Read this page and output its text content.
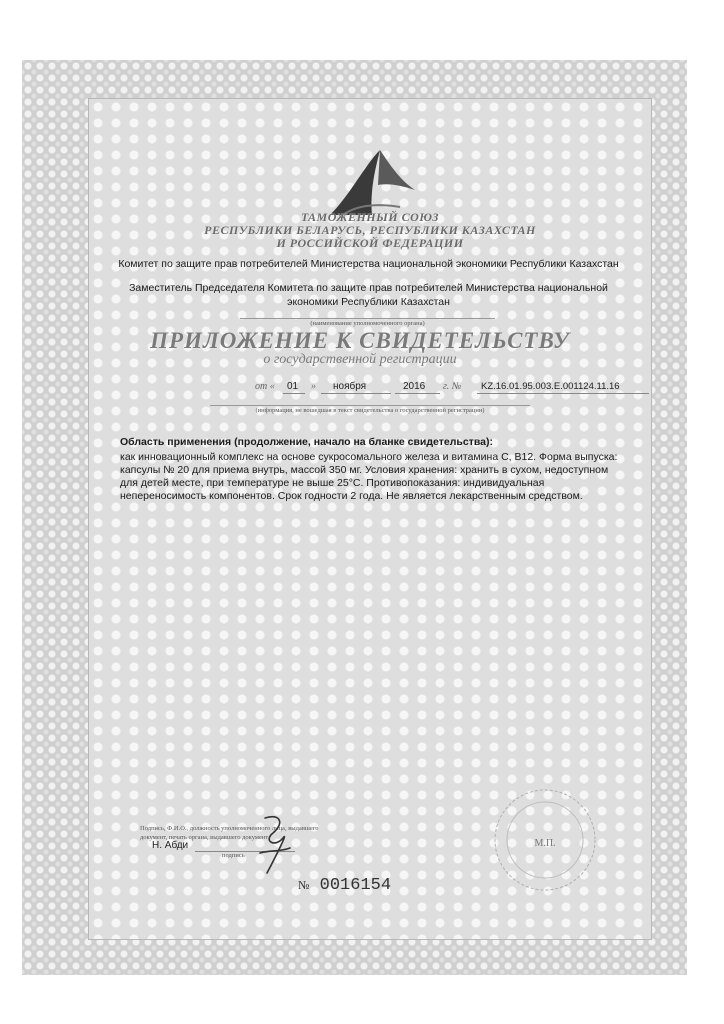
ТАМОЖЕННЫЙ СОЮЗ
РЕСПУБЛИКИ БЕЛАРУСЬ, РЕСПУБЛИКИ КАЗАХСТАН
И РОССИЙСКОЙ ФЕДЕРАЦИИ
Комитет по защите прав потребителей Министерства национальной экономики Республики Казахстан
Заместитель Председателя Комитета по защите прав потребителей Министерства национальной экономики Республики Казахстан
(наименование уполномоченного органа)
ПРИЛОЖЕНИЕ К СВИДЕТЕЛЬСТВУ
о государственной регистрации
от « 01 » ноября	2016 г. № KZ.16.01.95.003.E.001124.11.16
(информация, не вошедшая в текст свидетельства о государственной регистрации)
Область применения (продолжение, начало на бланке свидетельства):
как инновационный комплекс на основе сукросомального железа и витамина С, В12. Форма выпуска: капсулы № 20 для приема внутрь, массой 350 мг. Условия хранения: хранить в сухом, недоступном для детей месте, при температуре не выше 25°С. Противопоказания: индивидуальная непереносимость компонентов. Срок годности 2 года. Не является лекарственным средством.
Подпись, Ф.И.О., должность уполномоченного лица, выдавшего документ, печать органа, выдавшего документ
Н. Абди
подпись
М.П.
№ 0016154
